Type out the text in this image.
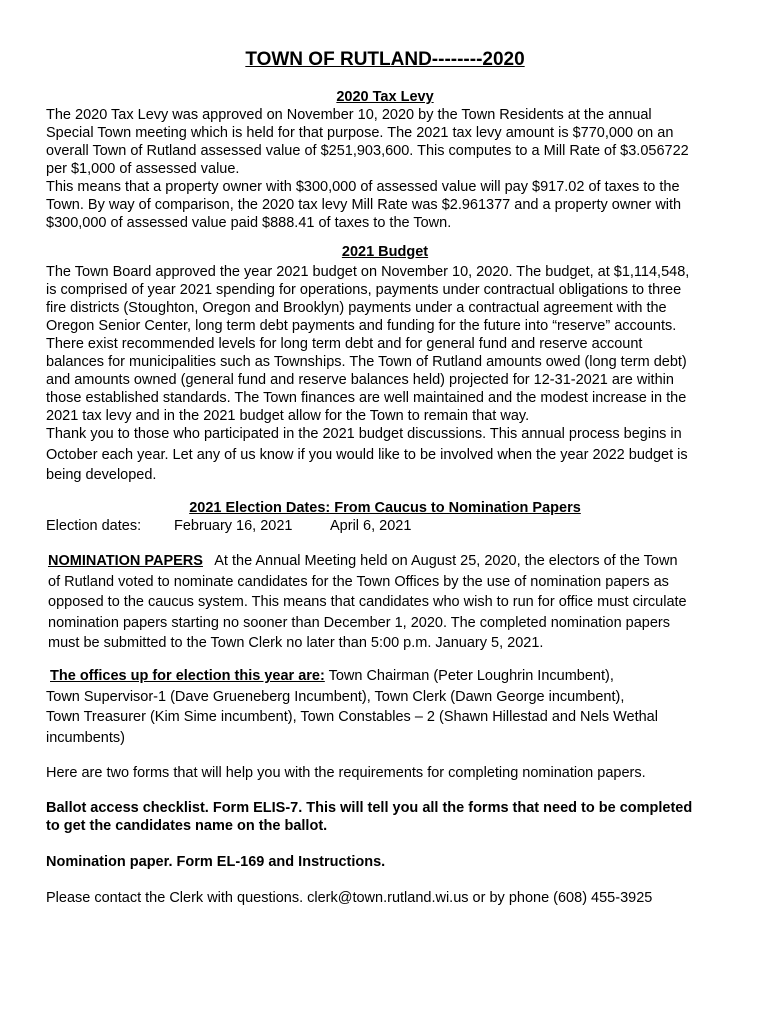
TOWN OF RUTLAND--------2020
2020 Tax Levy

The 2020 Tax Levy was approved on November 10, 2020 by the Town Residents at the annual
Special Town meeting which is held for that purpose. The 2021 tax levy amount is $770,000 on an
overall Town of Rutland assessed value of $251,903,600. This computes to a Mill Rate of $3.056722
per $1,000 of assessed value.
This means that a property owner with $300,000 of assessed value will pay $917.02 of taxes to the
Town. By way of comparison, the 2020 tax levy Mill Rate was $2.961377 and a property owner with
$300,000 of assessed value paid $888.41 of taxes to the Town.

2021 Budget

The Town Board approved the year 2021 budget on November 10, 2020. The budget, at $1,114,548,
is comprised of year 2021 spending for operations, payments under contractual obligations to three
fire districts (Stoughton, Oregon and Brooklyn) payments under a contractual agreement with the
Oregon Senior Center, long term debt payments and funding for the future into “reserve” accounts.
There exist recommended levels for long term debt and for general fund and reserve account
balances for municipalities such as Townships. The Town of Rutland amounts owed (long term debt)
and amounts owned (general fund and reserve balances held) projected for 12-31-2021 are within
those established standards. The Town finances are well maintained and the modest increase in the
2021 tax levy and in the 2021 budget allow for the Town to remain that way.

Thank you to those who participated in the 2021 budget discussions. This annual process begins in
October each year. Let any of us know if you would like to be involved when the year 2022 budget is
being developed.

2021 Election Dates: From Caucus to Nomination Papers
Election dates: February 16, 2021	April 6, 2021

NOMINATION PAPERS At the Annual Meeting held on August 25, 2020, the electors of the Town
of Rutland voted to nominate candidates for the Town Offices by the use of nomination papers as
opposed to the caucus system. This means that candidates who wish to run for office must circulate
nomination papers starting no sooner than December 1, 2020. The completed nomination papers
must be submitted to the Town Clerk no later than 5:00 p.m. January 5, 2021.

The offices up for election this year are: Town Chairman (Peter Loughrin Incumbent),
Town Supervisor-1 (Dave Grueneberg Incumbent), Town Clerk (Dawn George incumbent),
Town Treasurer (Kim Sime incumbent), Town Constables – 2 (Shawn Hillestad and Nels Wethal
incumbents)

Here are two forms that will help you with the requirements for completing nomination papers.

Ballot access checklist. Form ELIS-7. This will tell you all the forms that need to be completed
to get the candidates name on the ballot.

Nomination paper. Form EL-169 and Instructions.

Please contact the Clerk with questions. clerk@town.rutland.wi.us or by phone (608) 455-3925
